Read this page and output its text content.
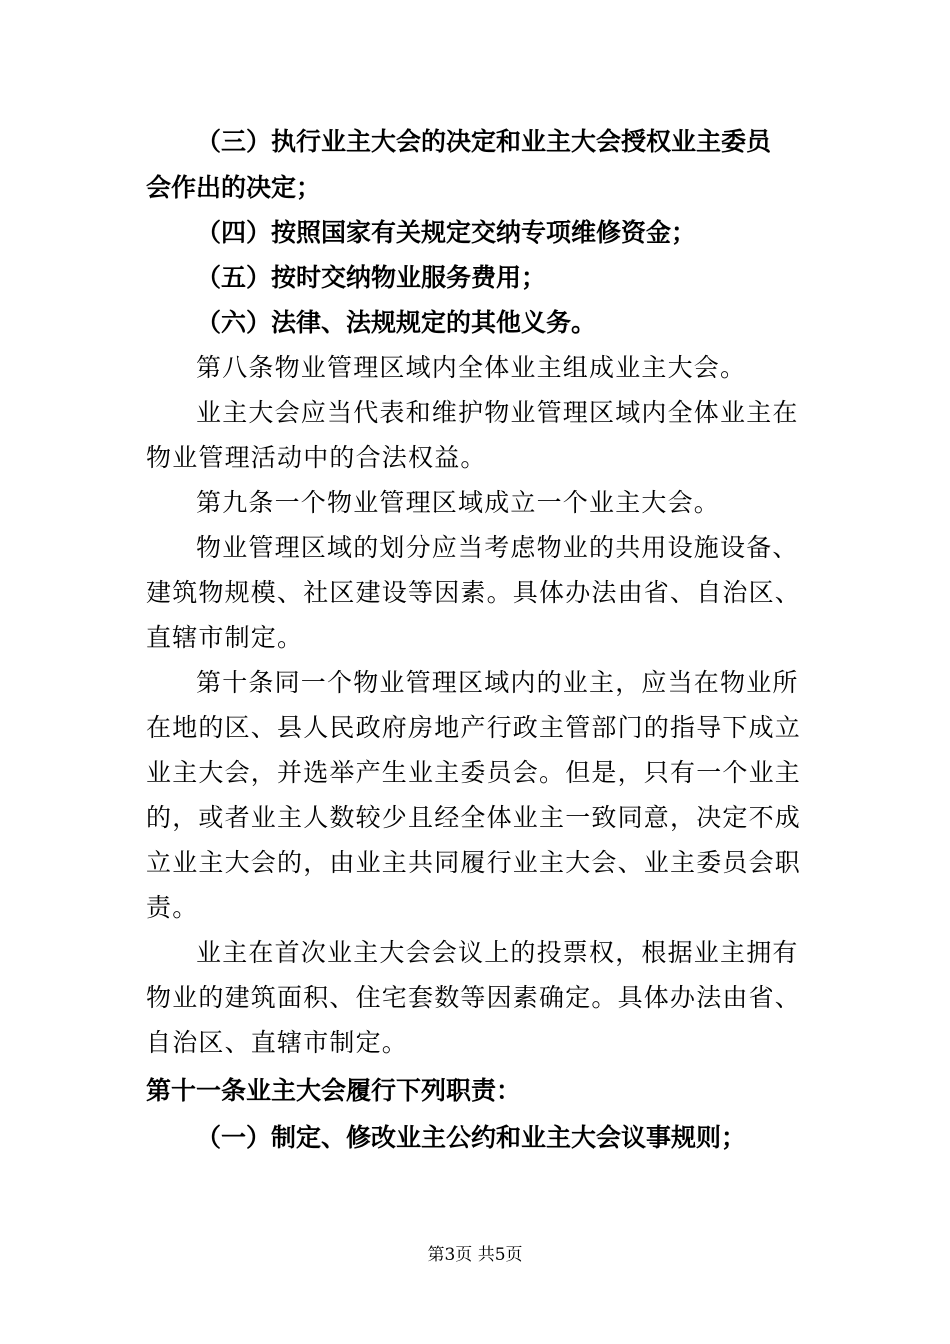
（三）执行业主大会的决定和业主大会授权业主委员
会作出的决定；
（四）按照国家有关规定交纳专项维修资金；
（五）按时交纳物业服务费用；
（六）法律、法规规定的其他义务。
第八条物业管理区域内全体业主组成业主大会。
业主大会应当代表和维护物业管理区域内全体业主在
物业管理活动中的合法权益。
第九条一个物业管理区域成立一个业主大会。
物业管理区域的划分应当考虑物业的共用设施设备、
建筑物规模、社区建设等因素。具体办法由省、自治区、
直辖市制定。
第十条同一个物业管理区域内的业主，应当在物业所
在地的区、县人民政府房地产行政主管部门的指导下成立
业主大会，并选举产生业主委员会。但是，只有一个业主
的，或者业主人数较少且经全体业主一致同意，决定不成
立业主大会的，由业主共同履行业主大会、业主委员会职
责。
业主在首次业主大会会议上的投票权，根据业主拥有
物业的建筑面积、住宅套数等因素确定。具体办法由省、
自治区、直辖市制定。
第十一条业主大会履行下列职责：
（一）制定、修改业主公约和业主大会议事规则；
第3页 共5页
